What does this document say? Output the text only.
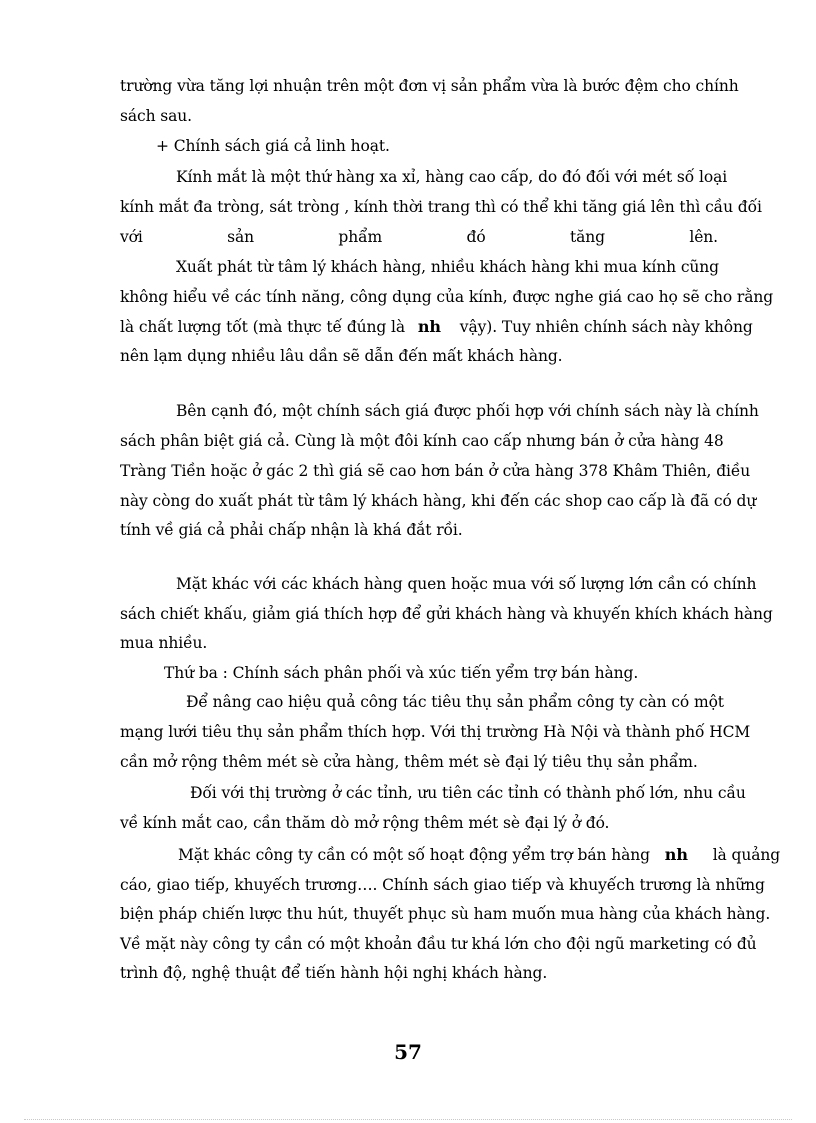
trường vừa tăng lợi nhuận trên một đơn vị sản phẩm vừa là bước đệm cho chính
sách sau.
+ Chính sách giá cả linh hoạt.
Kính mắt là một thứ hàng xa xỉ, hàng cao cấp, do đó đối với mét số loại
kính mắt đa tròng, sát tròng , kính thời trang thì có thể khi tăng giá lên thì cầu đối
với sản phẩm đó tăng lên.
Xuất phát từ tâm lý khách hàng, nhiều khách hàng khi mua kính cũng
không hiểu về các tính năng, công dụng của kính, được nghe giá cao họ sẽ cho rằng
là chất lượng tốt (mà thực tế đúng là nh vậy). Tuy nhiên chính sách này không
nên lạm dụng nhiều lâu dần sẽ dẫn đến mất khách hàng.
Bên cạnh đó, một chính sách giá được phối hợp với chính sách này là chính
sách phân biệt giá cả. Cùng là một đôi kính cao cấp nhưng bán ở cửa hàng 48
Tràng Tiền hoặc ở gác 2 thì giá sẽ cao hơn bán ở cửa hàng 378 Khâm Thiên, điều
này còng do xuất phát từ tâm lý khách hàng, khi đến các shop cao cấp là đã có dự
tính về giá cả phải chấp nhận là khá đắt rồi.
Mặt khác với các khách hàng quen hoặc mua với số lượng lớn cần có chính
sách chiết khấu, giảm giá thích hợp để gửi khách hàng và khuyến khích khách hàng
mua nhiều.
Thứ ba : Chính sách phân phối và xúc tiến yểm trợ bán hàng.
Để nâng cao hiệu quả công tác tiêu thụ sản phẩm công ty càn có một
mạng lưới tiêu thụ sản phẩm thích hợp. Với thị trường Hà Nội và thành phố HCM
cần mở rộng thêm mét sè cửa hàng, thêm mét sè đại lý tiêu thụ sản phẩm.
Đối với thị trường ở các tỉnh, ưu tiên các tỉnh có thành phố lớn, nhu cầu
về kính mắt cao, cần thăm dò mở rộng thêm mét sè đại lý ở đó.
Mặt khác công ty cần có một số hoạt động yểm trợ bán hàng nh là quảng
cáo, giao tiếp, khuyếch trương…. Chính sách giao tiếp và khuyếch trương là những
biện pháp chiến lược thu hút, thuyết phục sù ham muốn mua hàng của khách hàng.
Về mặt này công ty cần có một khoản đầu tư khá lớn cho đội ngũ marketing có đủ
trình độ, nghệ thuật để tiến hành hội nghị khách hàng.
57
